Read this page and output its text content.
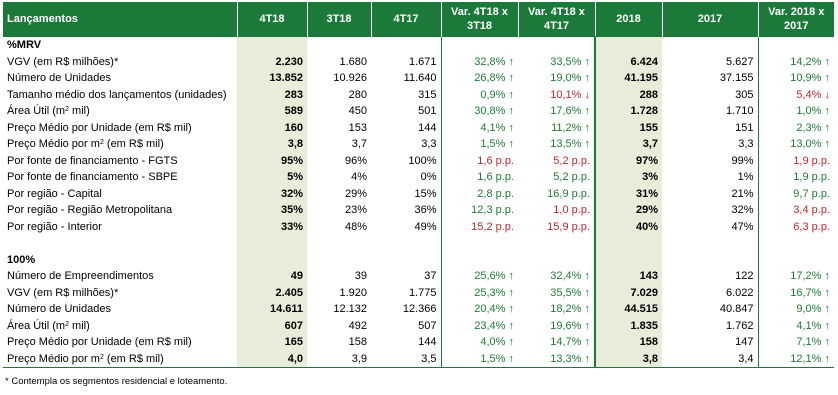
Lançamentos	4T18	3T18	4T17	Var. 4T18 x 3T18	Var. 4T18 x 4T17	2018	2017	Var. 2018 x 2017
%MRV								
VGV (em R$ milhões)*	2.230	1.680	1.671	32,8% ↑	33,5% ↑	6.424	5.627	14,2% ↑
Número de Unidades	13.852	10.926	11.640	26,8% ↑	19,0% ↑	41.195	37.155	10,9% ↑
Tamanho médio dos lançamentos (unidades)	283	280	315	0,9% ↑	10,1% ↓	288	305	5,4% ↓
Área Útil ($m^2$ mil)	589	450	501	30,8% ↑	17,6% ↑	1.728	1.710	1,0% ↑
Preço Médio por Unidade (em R$ mil)	160	153	144	4,1% ↑	11,2% ↑	155	151	2,3% ↑
Preço Médio por $m^2$ (em R$ mil)	3,8	3,7	3,3	1,5% ↑	13,5% ↑	3,7	3,3	13,0% ↑
Por fonte de financiamento - FGTS	95%	96%	100%	1,6 p.p.	5,2 p.p.	97%	99%	1,9 p.p.
Por fonte de financiamento - SBPE	5%	4%	0%	1,6 p.p.	5,2 p.p.	3%	1%	1,9 p.p.
Por região - Capital	32%	29%	15%	2,8 p.p.	16,9 p.p.	31%	21%	9,7 p.p.
Por região - Região Metropolitana	35%	23%	36%	12,3 p.p.	1,0 p.p.	29%	32%	3,4 p.p.
Por região - Interior	33%	48%	49%	15,2 p.p.	15,9 p.p.	40%	47%	6,3 p.p.

100%								
Número de Empreendimentos	49	39	37	25,6% ↑	32,4% ↑	143	122	17,2% ↑
VGV (em R$ milhões)*	2.405	1.920	1.775	25,3% ↑	35,5% ↑	7.029	6.022	16,7% ↑
Número de Unidades	14.611	12.132	12.366	20,4% ↑	18,2% ↑	44.515	40.847	9,0% ↑
Área Útil ($m^2$ mil)	607	492	507	23,4% ↑	19,6% ↑	1.835	1.762	4,1% ↑
Preço Médio por Unidade (em R$ mil)	165	158	144	4,0% ↑	14,7% ↑	158	147	7,1% ↑
Preço Médio por $m^2$ (em R$ mil)	4,0	3,9	3,5	1,5% ↑	13,3% ↑	3,8	3,4	12,1% ↑
* Contempla os segmentos residencial e loteamento.
